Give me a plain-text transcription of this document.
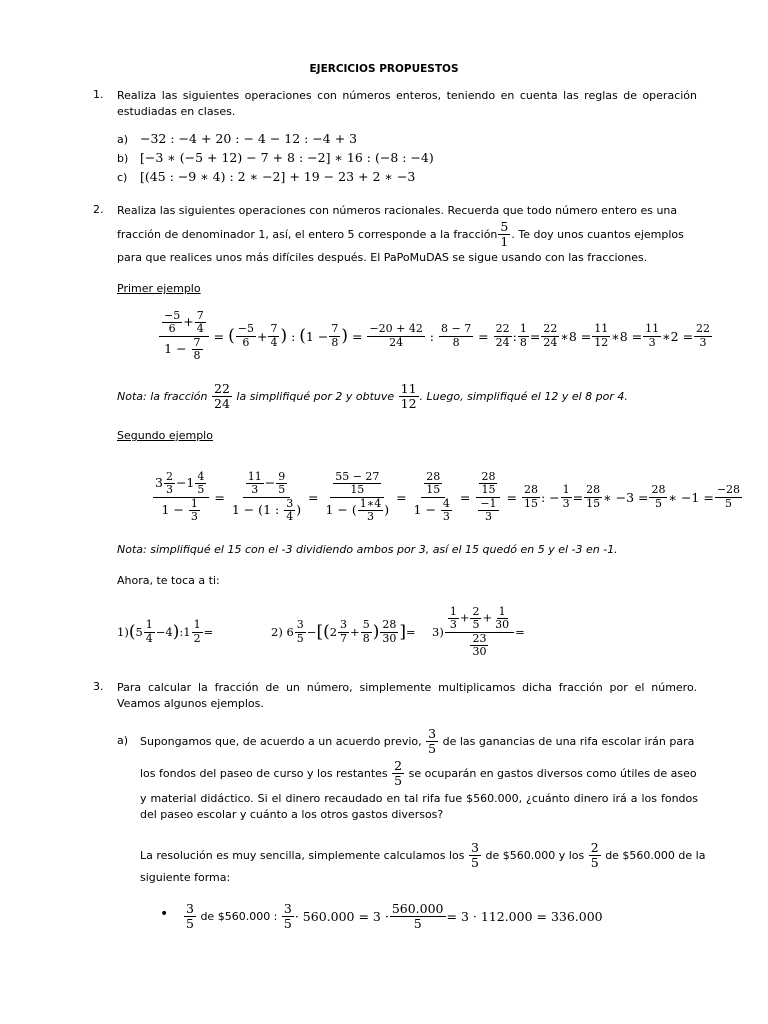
EJERCICIOS PROPUESTOS
1.	Realiza las siguientes operaciones con números enteros, teniendo en cuenta las reglas de operación estudiadas en clases.
a) −32 : −4 + 20 : − 4 − 12 : −4 + 3
b) [−3 ∗ (−5 + 12) − 7 + 8 : −2] ∗ 16 : (−8 : −4)
c) [(45 : −9 ∗ 4) : 2 ∗ −2] + 19 − 23 + 2 ∗ −3
2.	Realiza las siguientes operaciones con números racionales. Recuerda que todo número entero es una
fracción de denominador 1, así, el entero 5 corresponde a la fracción $\frac{5}{1}$ . Te doy unos cuantos ejemplos
para que realices unos más difíciles después. El PaPoMuDAS se sigue usando con las fracciones.
Primer ejemplo
$\frac{\frac{-5}{6} + \frac{7}{4}}{1 - \frac{7}{8}}$ = ( −5
6 + 7
4 ) : ( 1 − 7
8 ) = $\frac{-20 + 42}{24}$ : $\frac{8 - 7}{8} = \frac{22}{24}$ : 1
8 = 22
24 ∗8 = 11
12 ∗8 = 11
3 ∗2 = 22
3
Nota: la fracción
$\frac{22}{24}$
la simplifiqué por 2 y obtuve
$\frac{11}{12}$ . Luego, simplifiqué el 12 y el 8 por 4.
Segundo ejemplo
$\frac{3 \frac{2}{3} -1 \frac{4}{5}}{1 - \frac{1}{3}} = \frac{\frac{11}{3} - \frac{9}{5}}{1 - (1 : \frac{3}{4} )} = \frac{\frac{55 - 27}{15}}{1 - ( \frac{1∗4}{3} )} = \frac{\frac{28}{15}}{1 - \frac{4}{3}} = \frac{\frac{28}{15}}{\frac{-1}{3}} = \frac{28}{15}$ : − 1
3 = 28
15 ∗ −3 = 28
5 ∗ −1 = −28
5
Nota: simplifiqué el 15 con el -3 dividiendo ambos por 3, así el 15 quedó en 5 y el -3 en -1.
Ahora, te toca a ti:
1) ( 5
1
4 −4 ) :1
1
2 =	2) 6
3
5 − [ ( 2
3
7 +
5
8 ) 28
30 ] = 3)
$\frac{1}{3} + \frac{2}{5} + \frac{1}{30}$
$\frac{23}{30}$
=
3.	Para calcular la fracción de un número, simplemente multiplicamos dicha fracción por el número. Veamos algunos ejemplos.
a) Supongamos que, de acuerdo a un acuerdo previo,

3
5
de las ganancias de una rifa escolar irán para
los fondos del paseo de curso y los restantes

2
5
se ocuparán en gastos diversos como útiles de aseo
y material didáctico. Si el dinero recaudado en tal rifa fue $560.000, ¿cuánto dinero irá a los fondos del paseo escolar y cuánto a los otros gastos diversos?
La resolución es muy sencilla, simplemente calculamos los

3
5
de $560.000 y los

2
5
de $560.000 de la
siguiente forma:
• 3
5
de $560.000 :

3
$5 \cdot 560.000 = 3 \cdot \frac{560.000}{5} = 3 \cdot 112.000 = 336.000$
